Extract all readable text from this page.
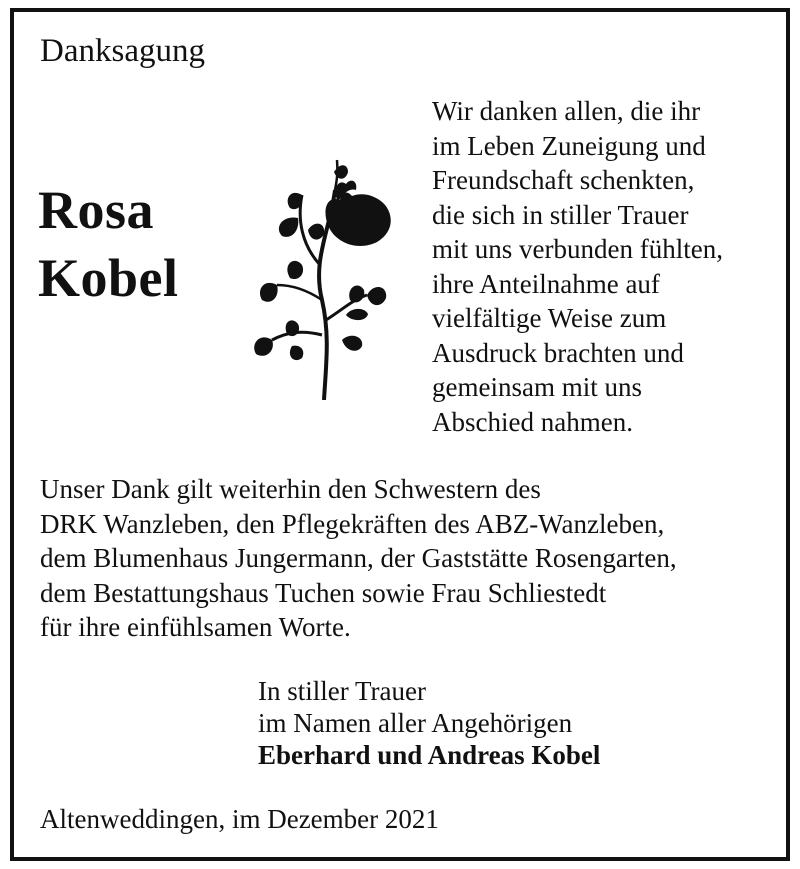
Danksagung
Rosa
Kobel
Wir danken allen, die ihr
im Leben Zuneigung und
Freundschaft schenkten,
die sich in stiller Trauer
mit uns verbunden fühlten,
ihre Anteilnahme auf
vielfältige Weise zum
Ausdruck brachten und
gemeinsam mit uns
Abschied nahmen.
Unser Dank gilt weiterhin den Schwestern des
DRK Wanzleben, den Pflegekräften des ABZ-Wanzleben,
dem Blumenhaus Jungermann, der Gaststätte Rosengarten,
dem Bestattungshaus Tuchen sowie Frau Schliestedt
für ihre einfühlsamen Worte.
In stiller Trauer
im Namen aller Angehörigen
Eberhard und Andreas Kobel
Altenweddingen, im Dezember 2021
